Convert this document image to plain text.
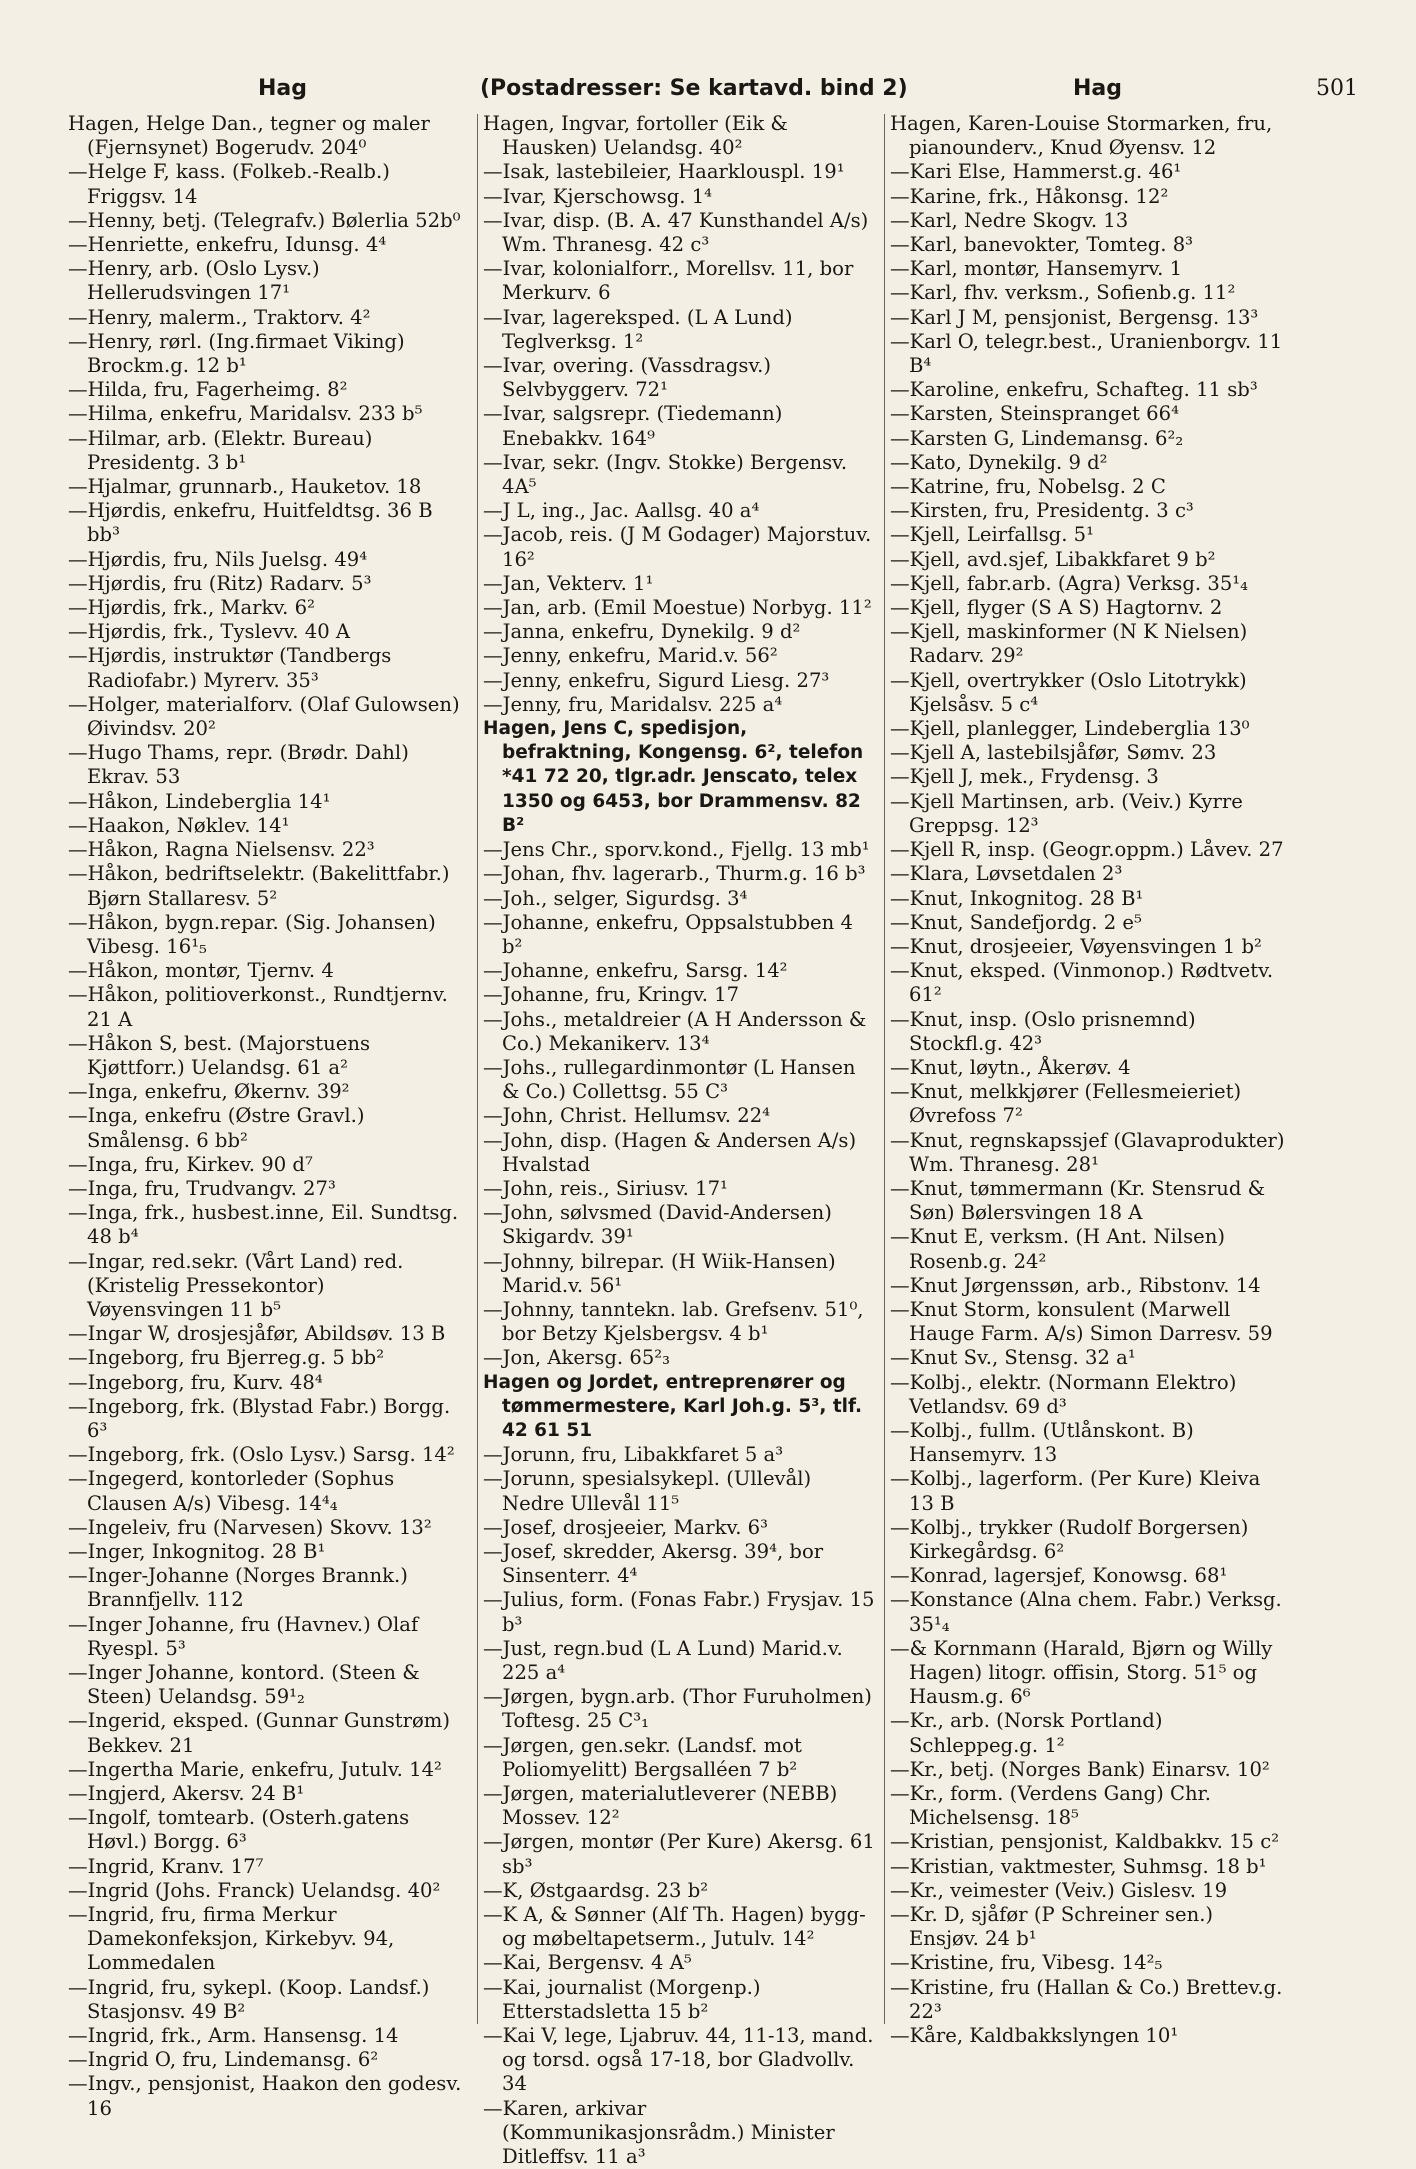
Hag	(Postadresser: Se kartavd. bind 2)	Hag	501
Hagen, Helge Dan., tegner og maler (Fjernsynet) Bogerudv. 204⁰
—Helge F, kass. (Folkeb.-Realb.) Friggsv. 14
—Henny, betj. (Telegrafv.) Bølerlia 52b⁰
—Henriette, enkefru, Idunsg. 4⁴
—Henry, arb. (Oslo Lysv.) Hellerudsvingen 17¹
—Henry, malerm., Traktorv. 4²
—Henry, rørl. (Ing.firmaet Viking) Brockm.g. 12 b¹
—Hilda, fru, Fagerheimg. 8²
—Hilma, enkefru, Maridalsv. 233 b⁵
—Hilmar, arb. (Elektr. Bureau) Presidentg. 3 b¹
—Hjalmar, grunnarb., Hauketov. 18
—Hjørdis, enkefru, Huitfeldtsg. 36 B bb³
—Hjørdis, fru, Nils Juelsg. 49⁴
—Hjørdis, fru (Ritz) Radarv. 5³
—Hjørdis, frk., Markv. 6²
—Hjørdis, frk., Tyslevv. 40 A
—Hjørdis, instruktør (Tandbergs Radiofabr.) Myrerv. 35³
—Holger, materialforv. (Olaf Gulowsen) Øivindsv. 20²
—Hugo Thams, repr. (Brødr. Dahl) Ekrav. 53
—Håkon, Lindeberglia 14¹
—Haakon, Nøklev. 14¹
—Håkon, Ragna Nielsensv. 22³
—Håkon, bedriftselektr. (Bakelittfabr.) Bjørn Stallaresv. 5²
—Håkon, bygn.repar. (Sig. Johansen) Vibesg. 16¹₅
—Håkon, montør, Tjernv. 4
—Håkon, politioverkonst., Rundtjernv. 21 A
—Håkon S, best. (Majorstuens Kjøttforr.) Uelandsg. 61 a²
—Inga, enkefru, Økernv. 39²
—Inga, enkefru (Østre Gravl.) Smålensg. 6 bb²
—Inga, fru, Kirkev. 90 d⁷
—Inga, fru, Trudvangv. 27³
—Inga, frk., husbest.inne, Eil. Sundtsg. 48 b⁴
—Ingar, red.sekr. (Vårt Land) red. (Kristelig Pressekontor) Vøyensvingen 11 b⁵
—Ingar W, drosjesjåfør, Abildsøv. 13 B
—Ingeborg, fru Bjerreg.g. 5 bb²
—Ingeborg, fru, Kurv. 48⁴
—Ingeborg, frk. (Blystad Fabr.) Borgg. 6³
—Ingeborg, frk. (Oslo Lysv.) Sarsg. 14²
—Ingegerd, kontorleder (Sophus Clausen A/s) Vibesg. 14⁴₄
—Ingeleiv, fru (Narvesen) Skovv. 13²
—Inger, Inkognitog. 28 B¹
—Inger-Johanne (Norges Brannk.) Brannfjellv. 112
—Inger Johanne, fru (Havnev.) Olaf Ryespl. 5³
—Inger Johanne, kontord. (Steen & Steen) Uelandsg. 59¹₂
—Ingerid, eksped. (Gunnar Gunstrøm) Bekkev. 21
—Ingertha Marie, enkefru, Jutulv. 14²
—Ingjerd, Akersv. 24 B¹
—Ingolf, tomtearb. (Osterh.gatens Høvl.) Borgg. 6³
—Ingrid, Kranv. 17⁷
—Ingrid (Johs. Franck) Uelandsg. 40²
—Ingrid, fru, firma Merkur Damekonfeksjon, Kirkebyv. 94, Lommedalen
—Ingrid, fru, sykepl. (Koop. Landsf.) Stasjonsv. 49 B²
—Ingrid, frk., Arm. Hansensg. 14
—Ingrid O, fru, Lindemansg. 6²
—Ingv., pensjonist, Haakon den godesv. 16
Hagen, Ingvar, fortoller (Eik & Hausken) Uelandsg. 40²
—Isak, lastebileier, Haarklouspl. 19¹
—Ivar, Kjerschowsg. 1⁴
—Ivar, disp. (B. A. 47 Kunsthandel A/s) Wm. Thranesg. 42 c³
—Ivar, kolonialforr., Morellsv. 11, bor Merkurv. 6
—Ivar, lagereksped. (L A Lund) Teglverksg. 1²
—Ivar, overing. (Vassdragsv.) Selvbyggerv. 72¹
—Ivar, salgsrepr. (Tiedemann) Enebakkv. 164⁹
—Ivar, sekr. (Ingv. Stokke) Bergensv. 4A⁵
—J L, ing., Jac. Aallsg. 40 a⁴
—Jacob, reis. (J M Godager) Majorstuv. 16²
—Jan, Vekterv. 1¹
—Jan, arb. (Emil Moestue) Norbyg. 11²
—Janna, enkefru, Dynekilg. 9 d²
—Jenny, enkefru, Marid.v. 56²
—Jenny, enkefru, Sigurd Liesg. 27³
—Jenny, fru, Maridalsv. 225 a⁴
Hagen, Jens C, spedisjon, befraktning, Kongensg. 6², telefon *41 72 20, tlgr.adr. Jenscato, telex 1350 og 6453, bor Drammensv. 82 B²
—Jens Chr., sporv.kond., Fjellg. 13 mb¹
—Johan, fhv. lagerarb., Thurm.g. 16 b³
—Joh., selger, Sigurdsg. 3⁴
—Johanne, enkefru, Oppsalstubben 4 b²
—Johanne, enkefru, Sarsg. 14²
—Johanne, fru, Kringv. 17
—Johs., metaldreier (A H Andersson & Co.) Mekanikerv. 13⁴
—Johs., rullegardinmontør (L Hansen & Co.) Collettsg. 55 C³
—John, Christ. Hellumsv. 22⁴
—John, disp. (Hagen & Andersen A/s) Hvalstad
—John, reis., Siriusv. 17¹
—John, sølvsmed (David-Andersen) Skigardv. 39¹
—Johnny, bilrepar. (H Wiik-Hansen) Marid.v. 56¹
—Johnny, tanntekn. lab. Grefsenv. 51⁰, bor Betzy Kjelsbergsv. 4 b¹
—Jon, Akersg. 65²₃
Hagen og Jordet, entreprenører og tømmermestere, Karl Joh.g. 5³, tlf. 42 61 51
—Jorunn, fru, Libakkfaret 5 a³
—Jorunn, spesialsykepl. (Ullevål) Nedre Ullevål 11⁵
—Josef, drosjeeier, Markv. 6³
—Josef, skredder, Akersg. 39⁴, bor Sinsenterr. 4⁴
—Julius, form. (Fonas Fabr.) Frysjav. 15 b³
—Just, regn.bud (L A Lund) Marid.v. 225 a⁴
—Jørgen, bygn.arb. (Thor Furuholmen) Toftesg. 25 C³₁
—Jørgen, gen.sekr. (Landsf. mot Poliomyelitt) Bergsalléen 7 b²
—Jørgen, materialutleverer (NEBB) Mossev. 12²
—Jørgen, montør (Per Kure) Akersg. 61 sb³
—K, Østgaardsg. 23 b²
—K A, & Sønner (Alf Th. Hagen) bygg- og møbeltapetserm., Jutulv. 14²
—Kai, Bergensv. 4 A⁵
—Kai, journalist (Morgenp.) Etterstadsletta 15 b²
—Kai V, lege, Ljabruv. 44, 11-13, mand. og torsd. også 17-18, bor Gladvollv. 34
—Karen, arkivar (Kommunikasjonsrådm.) Minister Ditleffsv. 11 a³
Hagen, Karen-Louise Stormarken, fru, pianounderv., Knud Øyensv. 12
—Kari Else, Hammerst.g. 46¹
—Karine, frk., Håkonsg. 12²
—Karl, Nedre Skogv. 13
—Karl, banevokter, Tomteg. 8³
—Karl, montør, Hansemyrv. 1
—Karl, fhv. verksm., Sofienb.g. 11²
—Karl J M, pensjonist, Bergensg. 13³
—Karl O, telegr.best., Uranienborgv. 11 B⁴
—Karoline, enkefru, Schafteg. 11 sb³
—Karsten, Steinspranget 66⁴
—Karsten G, Lindemansg. 6²₂
—Kato, Dynekilg. 9 d²
—Katrine, fru, Nobelsg. 2 C
—Kirsten, fru, Presidentg. 3 c³
—Kjell, Leirfallsg. 5¹
—Kjell, avd.sjef, Libakkfaret 9 b²
—Kjell, fabr.arb. (Agra) Verksg. 35¹₄
—Kjell, flyger (S A S) Hagtornv. 2
—Kjell, maskinformer (N K Nielsen) Radarv. 29²
—Kjell, overtrykker (Oslo Litotrykk) Kjelsåsv. 5 c⁴
—Kjell, planlegger, Lindeberglia 13⁰
—Kjell A, lastebilsjåfør, Sømv. 23
—Kjell J, mek., Frydensg. 3
—Kjell Martinsen, arb. (Veiv.) Kyrre Greppsg. 12³
—Kjell R, insp. (Geogr.oppm.) Låvev. 27
—Klara, Løvsetdalen 2³
—Knut, Inkognitog. 28 B¹
—Knut, Sandefjordg. 2 e⁵
—Knut, drosjeeier, Vøyensvingen 1 b²
—Knut, eksped. (Vinmonop.) Rødtvetv. 61²
—Knut, insp. (Oslo prisnemnd) Stockfl.g. 42³
—Knut, løytn., Åkerøv. 4
—Knut, melkkjører (Fellesmeieriet) Øvrefoss 7²
—Knut, regnskapssjef (Glavaprodukter) Wm. Thranesg. 28¹
—Knut, tømmermann (Kr. Stensrud & Søn) Bølersvingen 18 A
—Knut E, verksm. (H Ant. Nilsen) Rosenb.g. 24²
—Knut Jørgenssøn, arb., Ribstonv. 14
—Knut Storm, konsulent (Marwell Hauge Farm. A/s) Simon Darresv. 59
—Knut Sv., Stensg. 32 a¹
—Kolbj., elektr. (Normann Elektro) Vetlandsv. 69 d³
—Kolbj., fullm. (Utlånskont. B) Hansemyrv. 13
—Kolbj., lagerform. (Per Kure) Kleiva 13 B
—Kolbj., trykker (Rudolf Borgersen) Kirkegårdsg. 6²
—Konrad, lagersjef, Konowsg. 68¹
—Konstance (Alna chem. Fabr.) Verksg. 35¹₄
—& Kornmann (Harald, Bjørn og Willy Hagen) litogr. offisin, Storg. 51⁵ og Hausm.g. 6⁶
—Kr., arb. (Norsk Portland) Schleppeg.g. 1²
—Kr., betj. (Norges Bank) Einarsv. 10²
—Kr., form. (Verdens Gang) Chr. Michelsensg. 18⁵
—Kristian, pensjonist, Kaldbakkv. 15 c²
—Kristian, vaktmester, Suhmsg. 18 b¹
—Kr., veimester (Veiv.) Gislesv. 19
—Kr. D, sjåfør (P Schreiner sen.) Ensjøv. 24 b¹
—Kristine, fru, Vibesg. 14²₅
—Kristine, fru (Hallan & Co.) Brettev.g. 22³
—Kåre, Kaldbakkslyngen 10¹
